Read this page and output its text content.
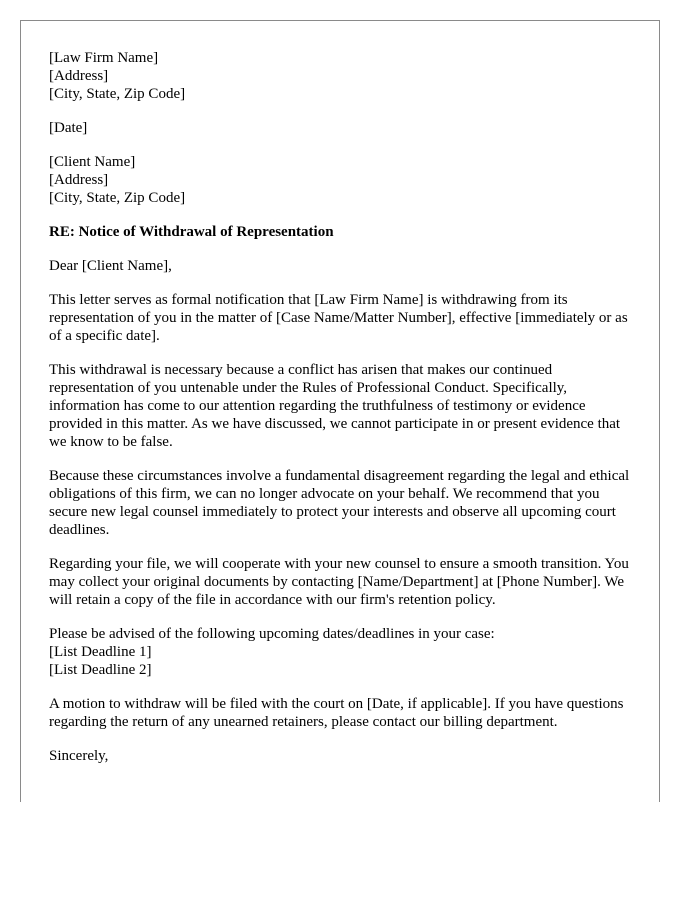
[Law Firm Name]
[Address]
[City, State, Zip Code]
[Date]
[Client Name]
[Address]
[City, State, Zip Code]
RE: Notice of Withdrawal of Representation
Dear [Client Name],
This letter serves as formal notification that [Law Firm Name] is withdrawing from its representation of you in the matter of [Case Name/Matter Number], effective [immediately or as of a specific date].
This withdrawal is necessary because a conflict has arisen that makes our continued representation of you untenable under the Rules of Professional Conduct. Specifically, information has come to our attention regarding the truthfulness of testimony or evidence provided in this matter. As we have discussed, we cannot participate in or present evidence that we know to be false.
Because these circumstances involve a fundamental disagreement regarding the legal and ethical obligations of this firm, we can no longer advocate on your behalf. We recommend that you secure new legal counsel immediately to protect your interests and observe all upcoming court deadlines.
Regarding your file, we will cooperate with your new counsel to ensure a smooth transition. You may collect your original documents by contacting [Name/Department] at [Phone Number]. We will retain a copy of the file in accordance with our firm's retention policy.
Please be advised of the following upcoming dates/deadlines in your case:
[List Deadline 1]
[List Deadline 2]
A motion to withdraw will be filed with the court on [Date, if applicable]. If you have questions regarding the return of any unearned retainers, please contact our billing department.
Sincerely,
